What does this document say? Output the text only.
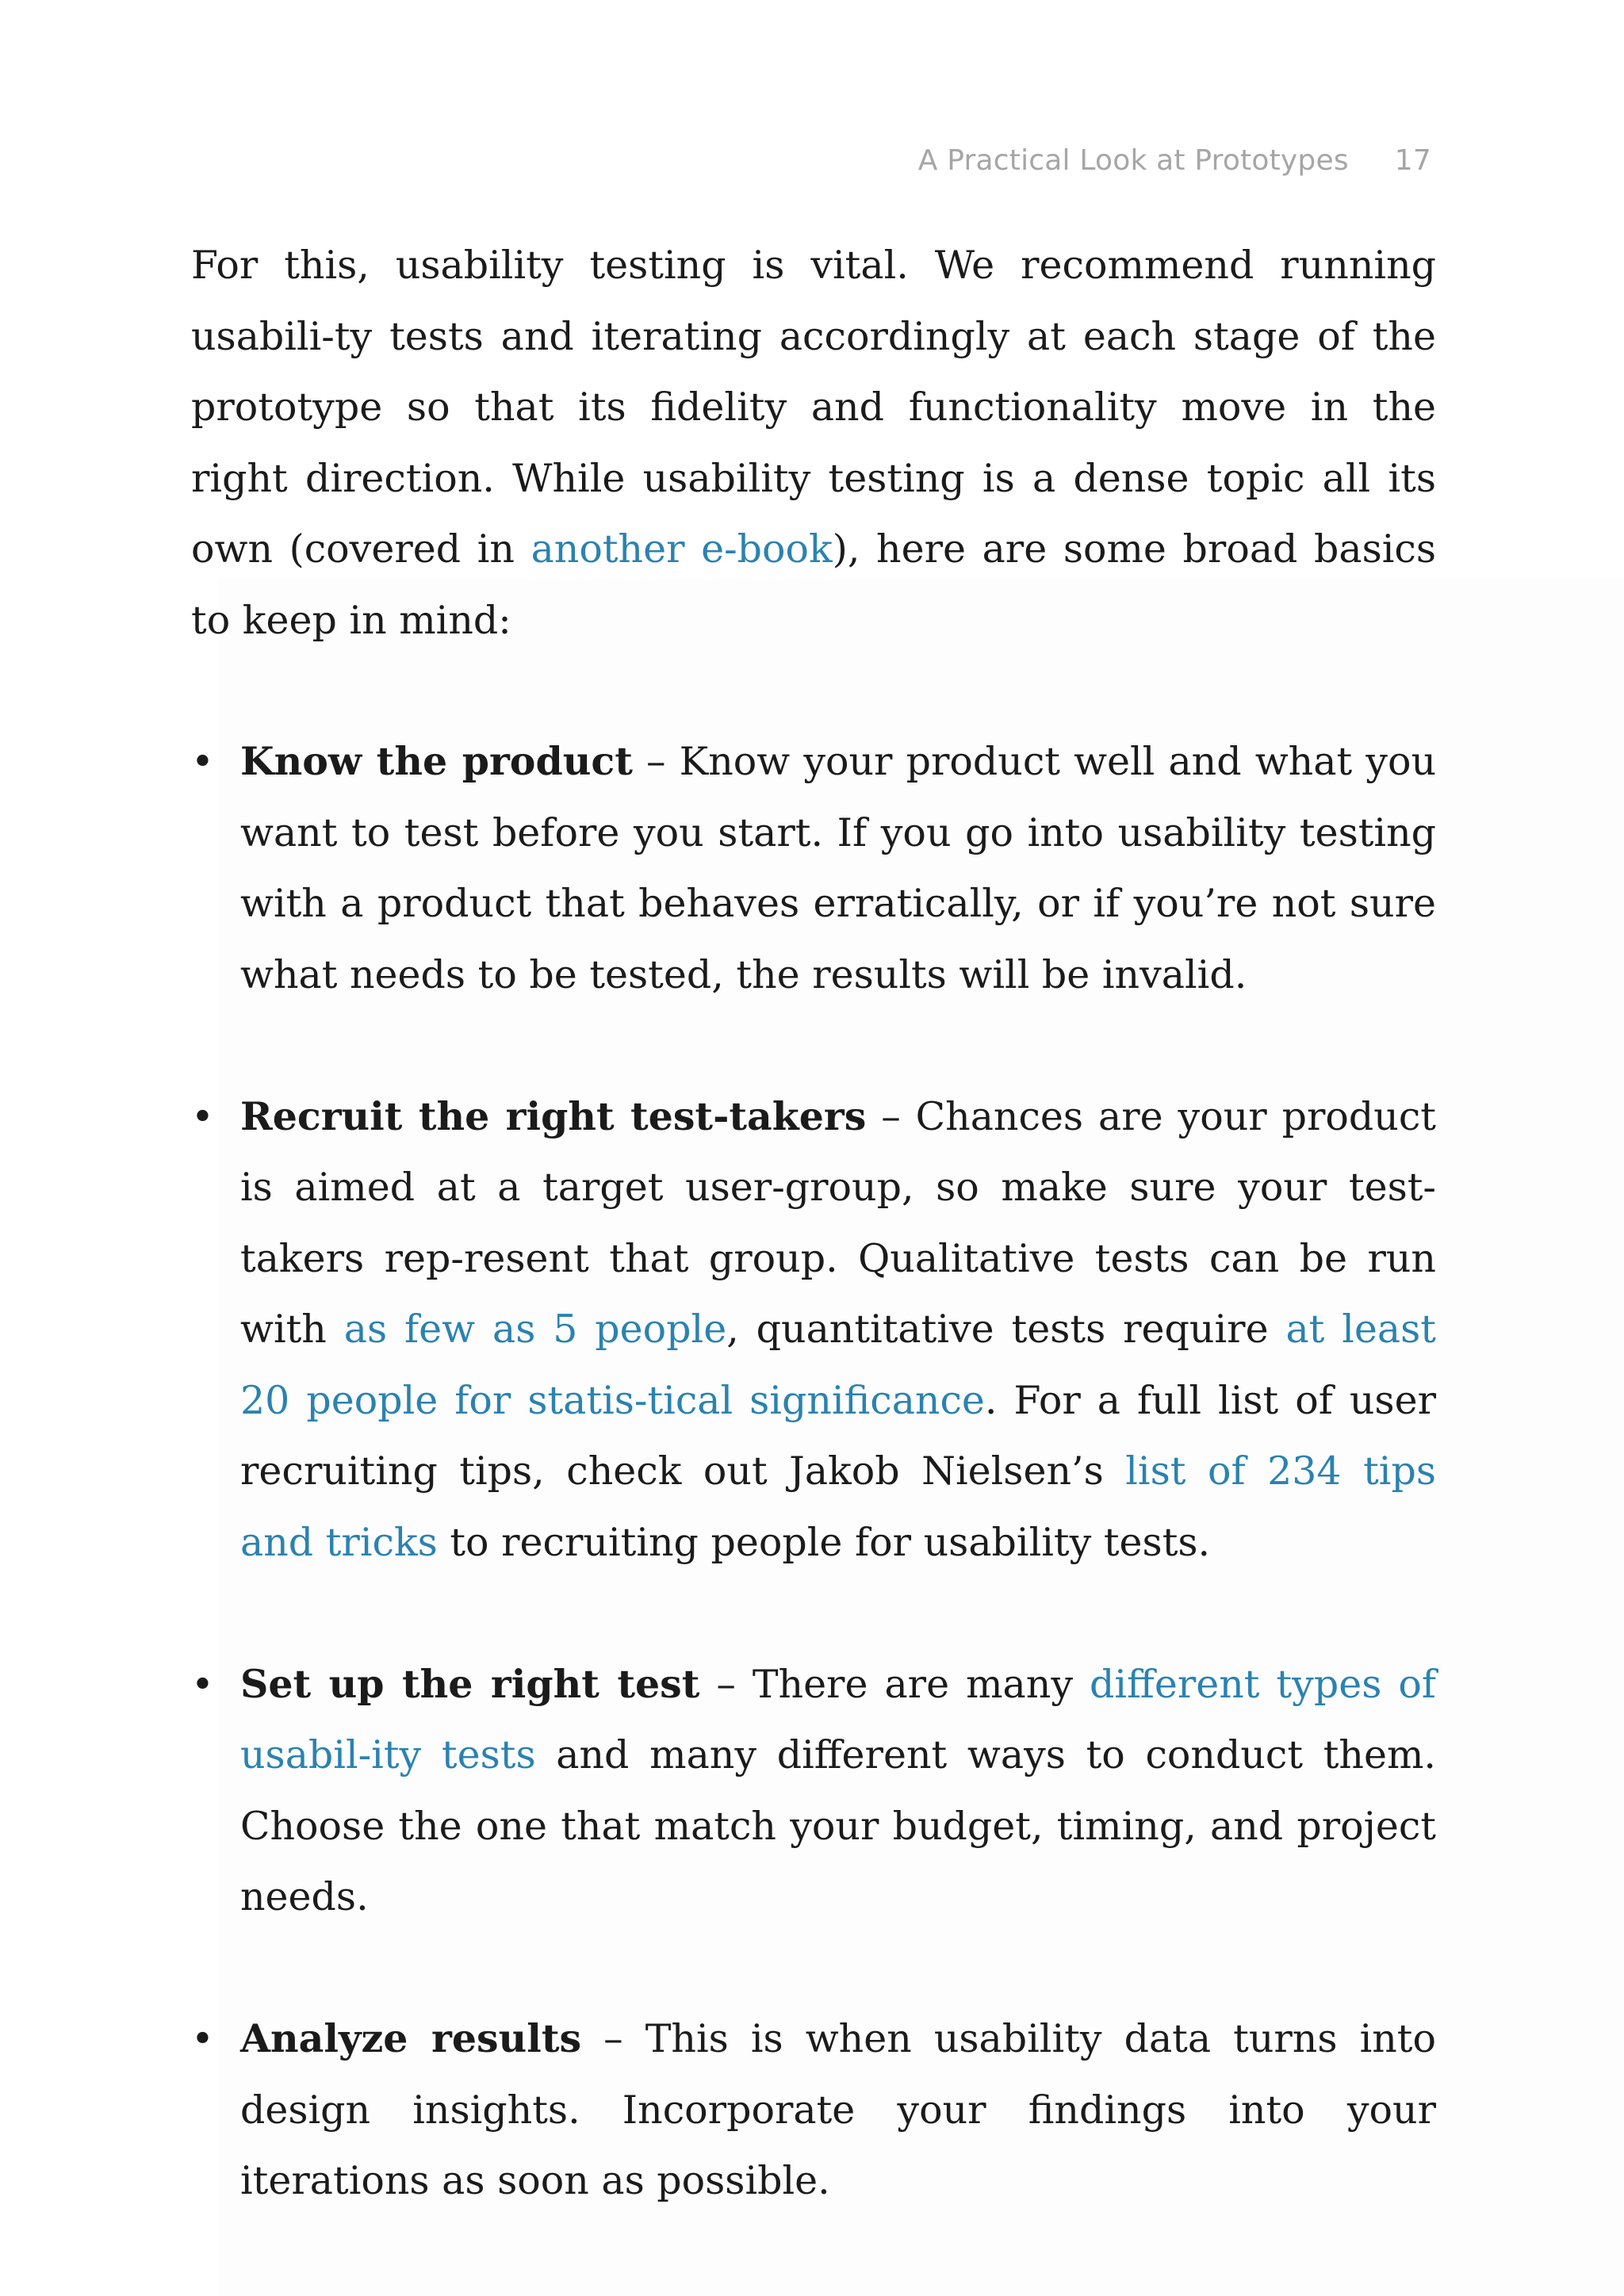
A Practical Look at Prototypes 17

For this, usability testing is vital. We recommend running usabili-ty tests and iterating accordingly at each stage of the prototype so that its fidelity and functionality move in the right direction. While usability testing is a dense topic all its own (covered in another e-book), here are some broad basics to keep in mind:

• Know the product – Know your product well and what you want to test before you start. If you go into usability testing with a product that behaves erratically, or if you’re not sure what needs to be tested, the results will be invalid.

• Recruit the right test-takers – Chances are your product is aimed at a target user-group, so make sure your test-takers rep-resent that group. Qualitative tests can be run with as few as 5 people, quantitative tests require at least 20 people for statis-tical significance. For a full list of user recruiting tips, check out Jakob Nielsen’s list of 234 tips and tricks to recruiting people for usability tests.

• Set up the right test – There are many different types of usabil-ity tests and many different ways to conduct them. Choose the one that match your budget, timing, and project needs.

• Analyze results – This is when usability data turns into design insights. Incorporate your findings into your iterations as soon as possible.
